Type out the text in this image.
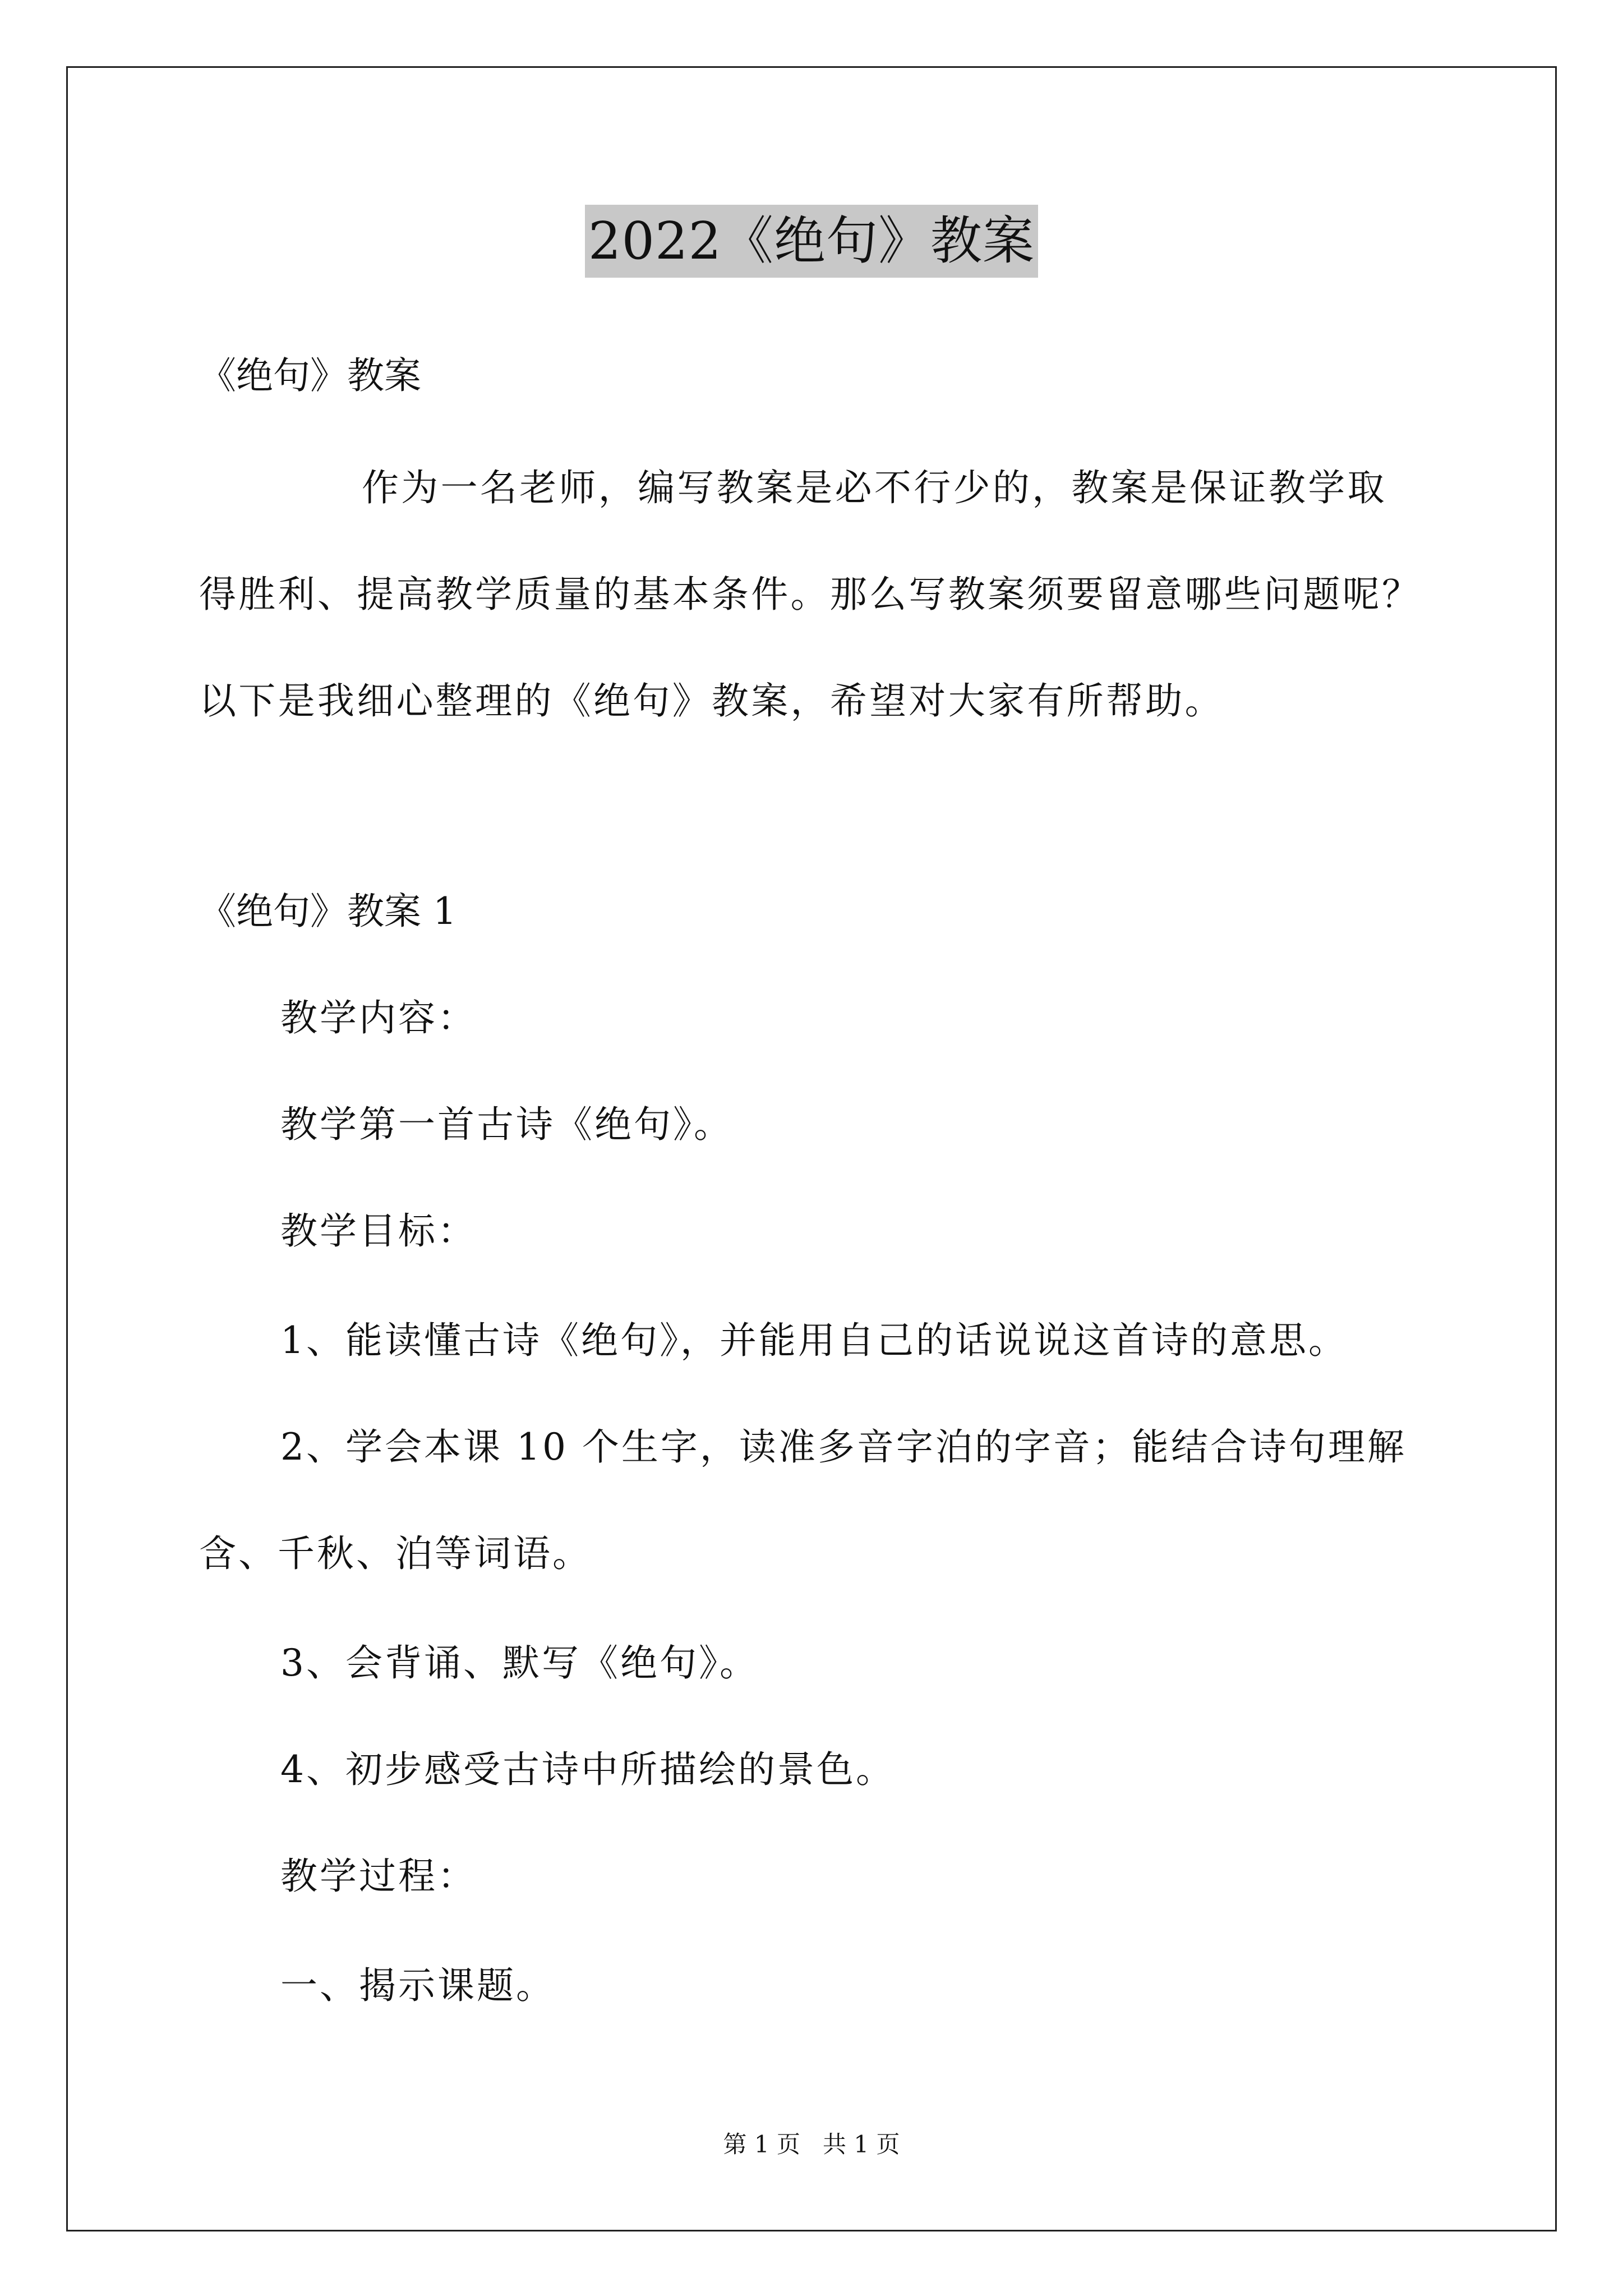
2022《绝句》教案
《绝句》教案
作为一名老师，编写教案是必不行少的，教案是保证教学取
得胜利、提高教学质量的基本条件。那么写教案须要留意哪些问题呢？
以下是我细心整理的《绝句》教案，希望对大家有所帮助。
《绝句》教案 1
教学内容：
教学第一首古诗《绝句》。
教学目标：
1、能读懂古诗《绝句》，并能用自己的话说说这首诗的意思。
2、学会本课 10 个生字，读准多音字泊的字音；能结合诗句理解
含、千秋、泊等词语。
3、会背诵、默写《绝句》。
4、初步感受古诗中所描绘的景色。
教学过程：
一、揭示课题。
第 1 页   共 1 页
